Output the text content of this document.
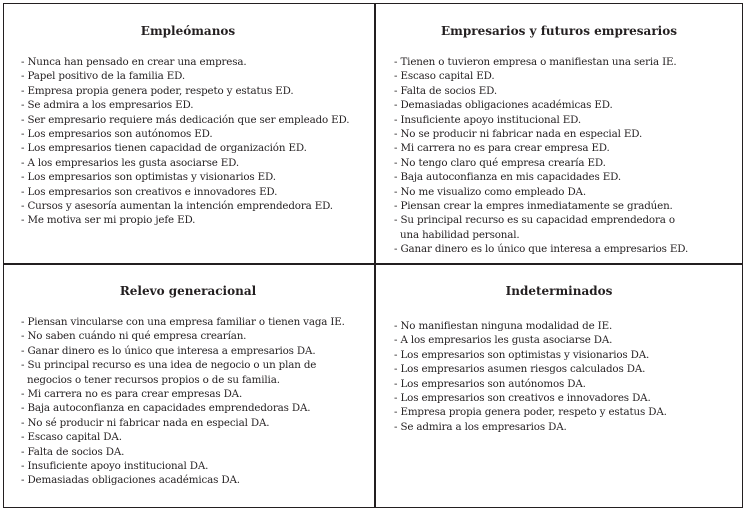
Empleómanos
- Nunca han pensado en crear una empresa.
- Papel positivo de la familia ED.
- Empresa propia genera poder, respeto y estatus ED.
- Se admira a los empresarios ED.
- Ser empresario requiere más dedicación que ser empleado ED.
- Los empresarios son autónomos ED.
- Los empresarios tienen capacidad de organización ED.
- A los empresarios les gusta asociarse ED.
- Los empresarios son optimistas y visionarios ED.
- Los empresarios son creativos e innovadores ED.
- Cursos y asesoría aumentan la intención emprendedora ED.
- Me motiva ser mi propio jefe ED.
Empresarios y futuros empresarios
- Tienen o tuvieron empresa o manifiestan una seria IE.
- Escaso capital ED.
- Falta de socios ED.
- Demasiadas obligaciones académicas ED.
- Insuficiente apoyo institucional ED.
- No se producir ni fabricar nada en especial ED.
- Mi carrera no es para crear empresa ED.
- No tengo claro qué empresa crearía ED.
- Baja autoconfianza en mis capacidades ED.
- No me visualizo como empleado DA.
- Piensan crear la empres inmediatamente se gradúen.
- Su principal recurso es su capacidad emprendedora o
una habilidad personal.
- Ganar dinero es lo único que interesa a empresarios ED.
Relevo generacional
- Piensan vincularse con una empresa familiar o tienen vaga IE.
- No saben cuándo ni qué empresa crearían.
- Ganar dinero es lo único que interesa a empresarios DA.
- Su principal recurso es una idea de negocio o un plan de
negocios o tener recursos propios o de su familia.
- Mi carrera no es para crear empresas DA.
- Baja autoconfianza en capacidades emprendedoras DA.
- No sé producir ni fabricar nada en especial DA.
- Escaso capital DA.
- Falta de socios DA.
- Insuficiente apoyo institucional DA.
- Demasiadas obligaciones académicas DA.
Indeterminados
- No manifiestan ninguna modalidad de IE.
- A los empresarios les gusta asociarse DA.
- Los empresarios son optimistas y visionarios DA.
- Los empresarios asumen riesgos calculados DA.
- Los empresarios son autónomos DA.
- Los empresarios son creativos e innovadores DA.
- Empresa propia genera poder, respeto y estatus DA.
- Se admira a los empresarios DA.
